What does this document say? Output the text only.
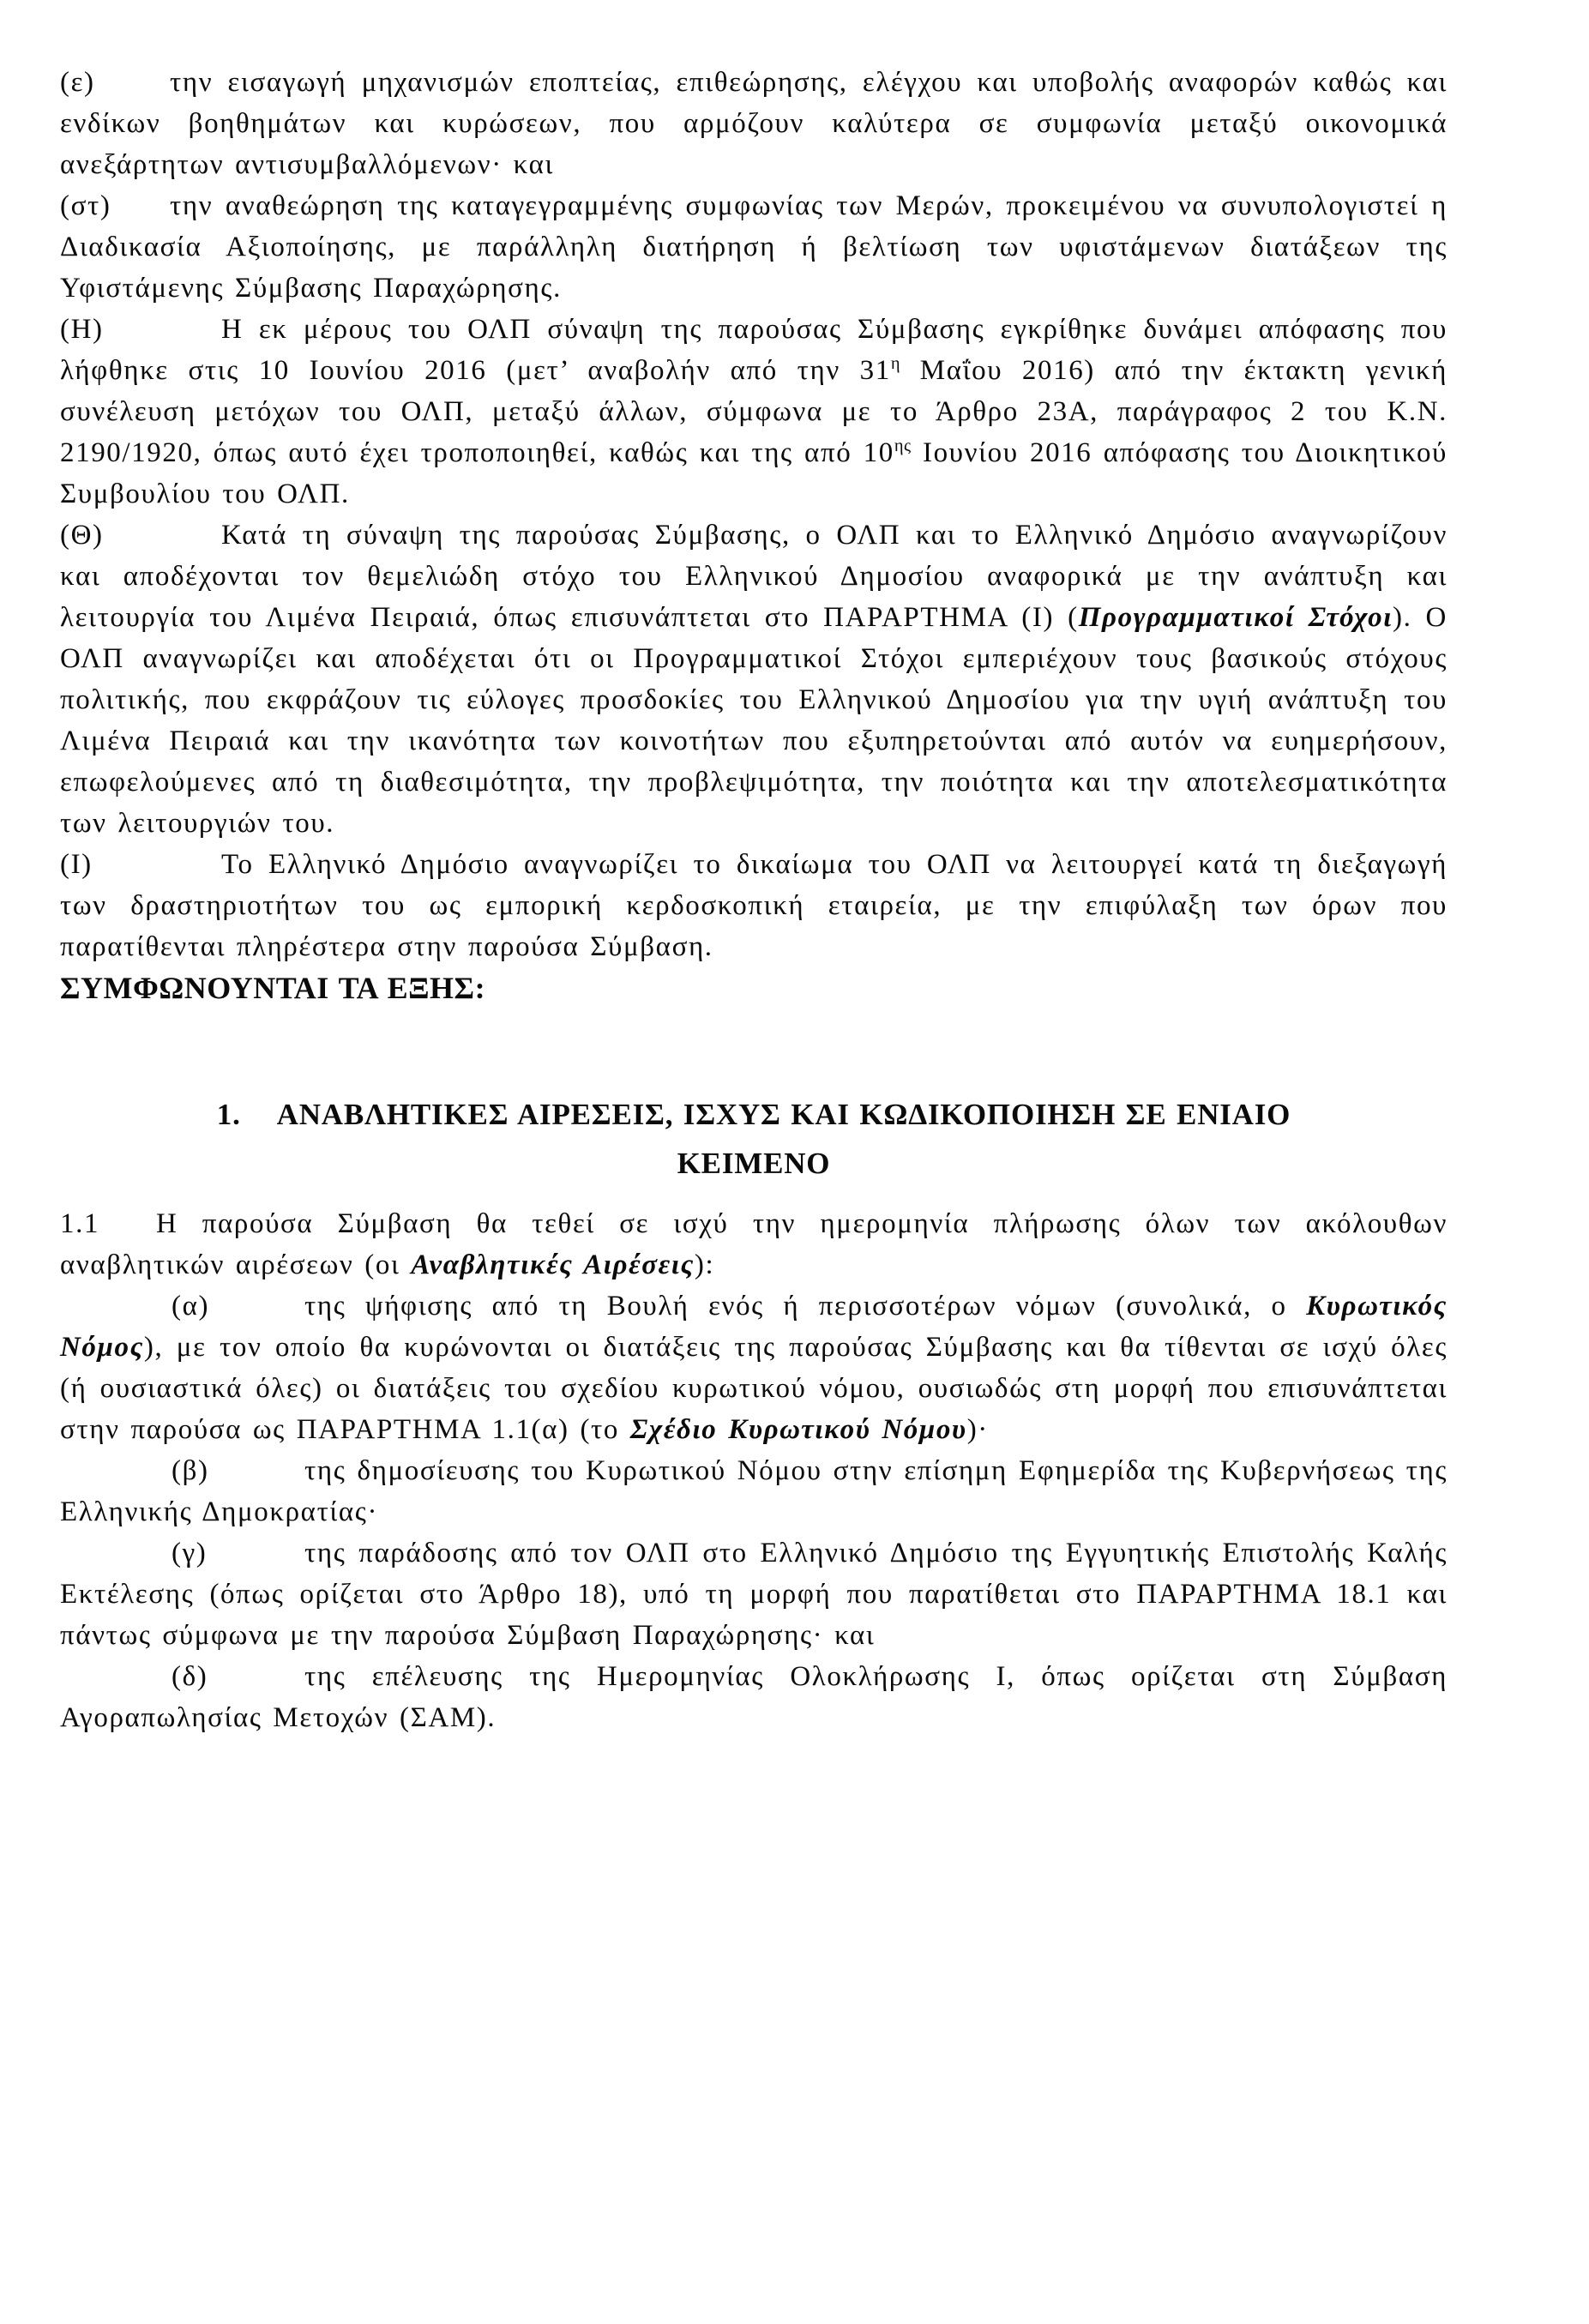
(ε)	την εισαγωγή μηχανισμών εποπτείας, επιθεώρησης, ελέγχου και υποβολής αναφορών καθώς και ενδίκων βοηθημάτων και κυρώσεων, που αρμόζουν καλύτερα σε συμφωνία μεταξύ οικονομικά ανεξάρτητων αντισυμβαλλόμενων· και

(στ) την αναθεώρηση της καταγεγραμμένης συμφωνίας των Μερών, προκειμένου να συνυπολογιστεί η Διαδικασία Αξιοποίησης, με παράλληλη διατήρηση ή βελτίωση των υφιστάμενων διατάξεων της Υφιστάμενης Σύμβασης Παραχώρησης.

(Η)	Η εκ μέρους του ΟΛΠ σύναψη της παρούσας Σύμβασης εγκρίθηκε δυνάμει απόφασης που λήφθηκε στις 10 Ιουνίου 2016 (μετ’ αναβολήν από την $31^\eta$ Μαΐου 2016) από την έκτακτη γενική συνέλευση μετόχων του ΟΛΠ, μεταξύ άλλων, σύμφωνα με το Άρθρο 23Α, παράγραφος 2 του Κ.Ν. 2190/1920, όπως αυτό έχει τροποποιηθεί, καθώς και της από $10^{\eta\varsigma}$ Ιουνίου 2016 απόφασης του Διοικητικού Συμβουλίου του ΟΛΠ.

(Θ)	Κατά τη σύναψη της παρούσας Σύμβασης, ο ΟΛΠ και το Ελληνικό Δημόσιο αναγνωρίζουν και αποδέχονται τον θεμελιώδη στόχο του Ελληνικού Δημοσίου αναφορικά με την ανάπτυξη και λειτουργία του Λιμένα Πειραιά, όπως επισυνάπτεται στο ΠΑΡΑΡΤΗΜΑ (Ι) (Προγραμματικοί Στόχοι). Ο ΟΛΠ αναγνωρίζει και αποδέχεται ότι οι Προγραμματικοί Στόχοι εμπεριέχουν τους βασικούς στόχους πολιτικής, που εκφράζουν τις εύλογες προσδοκίες του Ελληνικού Δημοσίου για την υγιή ανάπτυξη του Λιμένα Πειραιά και την ικανότητα των κοινοτήτων που εξυπηρετούνται από αυτόν να ευημερήσουν, επωφελούμενες από τη διαθεσιμότητα, την προβλεψιμότητα, την ποιότητα και την αποτελεσματικότητα των λειτουργιών του.

(Ι)	Το Ελληνικό Δημόσιο αναγνωρίζει το δικαίωμα του ΟΛΠ να λειτουργεί κατά τη διεξαγωγή των δραστηριοτήτων του ως εμπορική κερδοσκοπική εταιρεία, με την επιφύλαξη των όρων που παρατίθενται πληρέστερα στην παρούσα Σύμβαση.

ΣΥΜΦΩΝΟΥΝΤΑΙ ΤΑ ΕΞΗΣ:

1. ΑΝΑΒΛΗΤΙΚΕΣ ΑΙΡΕΣΕΙΣ, ΙΣΧΥΣ ΚΑΙ ΚΩΔΙΚΟΠΟΙΗΣΗ ΣΕ ΕΝΙΑΙΟ
ΚΕΙΜΕΝΟ

1.1 Η παρούσα Σύμβαση θα τεθεί σε ισχύ την ημερομηνία πλήρωσης όλων των ακόλουθων αναβλητικών αιρέσεων (οι Αναβλητικές Αιρέσεις):

(α)	της ψήφισης από τη Βουλή ενός ή περισσοτέρων νόμων (συνολικά, ο Κυρωτικός Νόμος), με τον οποίο θα κυρώνονται οι διατάξεις της παρούσας Σύμβασης και θα τίθενται σε ισχύ όλες (ή ουσιαστικά όλες) οι διατάξεις του σχεδίου κυρωτικού νόμου, ουσιωδώς στη μορφή που επισυνάπτεται στην παρούσα ως ΠΑΡΑΡΤΗΜΑ 1.1(α) (το Σχέδιο Κυρωτικού Νόμου)·

(β)	της δημοσίευσης του Κυρωτικού Νόμου στην επίσημη Εφημερίδα της Κυβερνήσεως της Ελληνικής Δημοκρατίας·

(γ)	της παράδοσης από τον ΟΛΠ στο Ελληνικό Δημόσιο της Εγγυητικής Επιστολής Καλής Εκτέλεσης (όπως ορίζεται στο Άρθρο 18), υπό τη μορφή που παρατίθεται στο ΠΑΡΑΡΤΗΜΑ 18.1 και πάντως σύμφωνα με την παρούσα Σύμβαση Παραχώρησης· και

(δ)	της επέλευσης της Ημερομηνίας Ολοκλήρωσης Ι, όπως ορίζεται στη Σύμβαση Αγοραπωλησίας Μετοχών (ΣΑΜ).
